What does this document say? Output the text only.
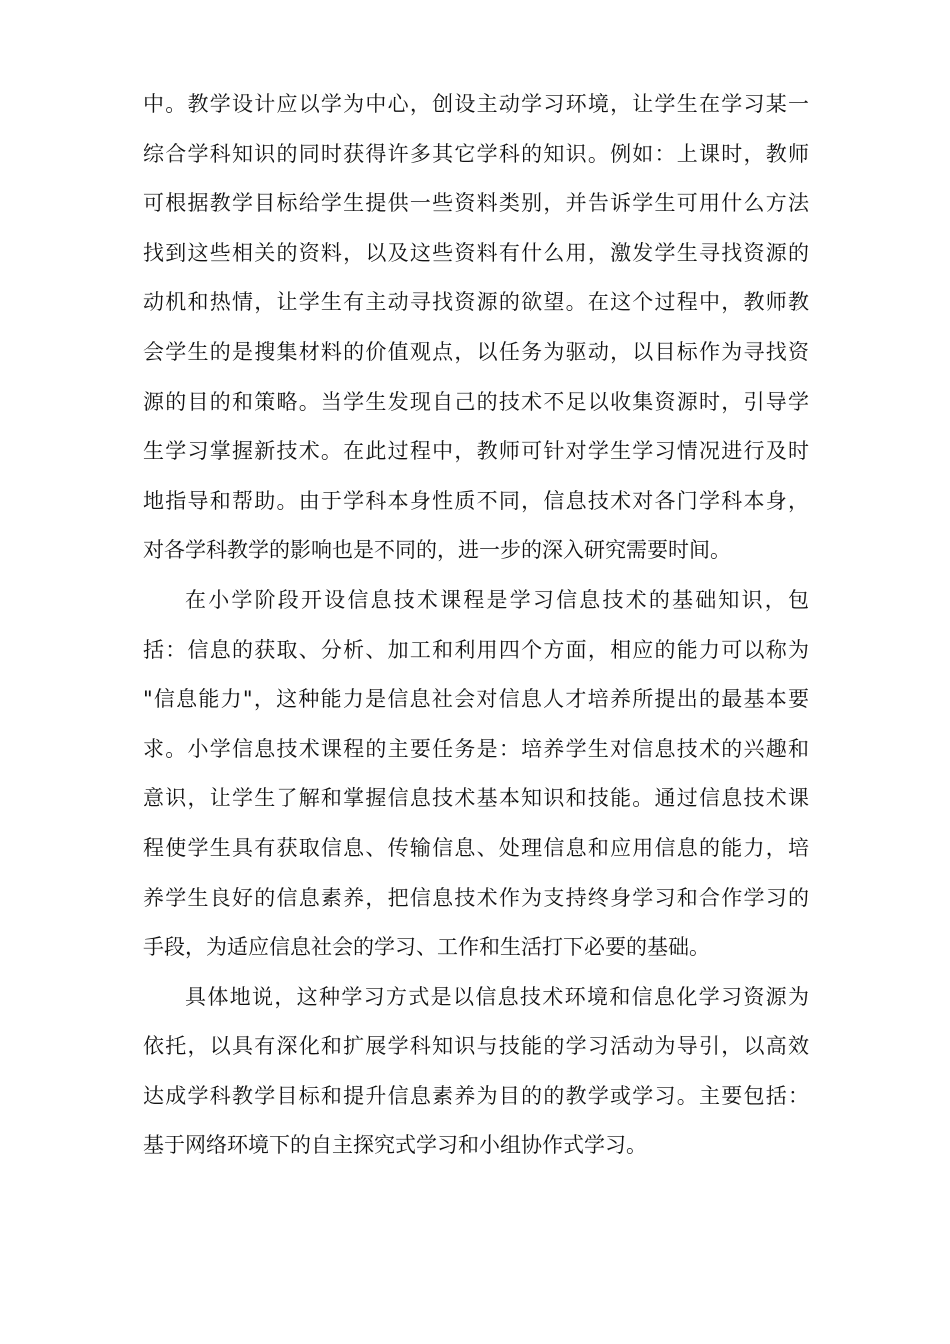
中。教学设计应以学为中心，创设主动学习环境，让学生在学习某一
综合学科知识的同时获得许多其它学科的知识。例如：上课时，教师
可根据教学目标给学生提供一些资料类别，并告诉学生可用什么方法
找到这些相关的资料，以及这些资料有什么用，激发学生寻找资源的
动机和热情，让学生有主动寻找资源的欲望。在这个过程中，教师教
会学生的是搜集材料的价值观点，以任务为驱动，以目标作为寻找资
源的目的和策略。当学生发现自己的技术不足以收集资源时，引导学
生学习掌握新技术。在此过程中，教师可针对学生学习情况进行及时
地指导和帮助。由于学科本身性质不同，信息技术对各门学科本身，
对各学科教学的影响也是不同的，进一步的深入研究需要时间。
在小学阶段开设信息技术课程是学习信息技术的基础知识，包
括：信息的获取、分析、加工和利用四个方面，相应的能力可以称为
"信息能力"，这种能力是信息社会对信息人才培养所提出的最基本要
求。小学信息技术课程的主要任务是：培养学生对信息技术的兴趣和
意识，让学生了解和掌握信息技术基本知识和技能。通过信息技术课
程使学生具有获取信息、传输信息、处理信息和应用信息的能力，培
养学生良好的信息素养，把信息技术作为支持终身学习和合作学习的
手段，为适应信息社会的学习、工作和生活打下必要的基础。
具体地说，这种学习方式是以信息技术环境和信息化学习资源为
依托，以具有深化和扩展学科知识与技能的学习活动为导引，以高效
达成学科教学目标和提升信息素养为目的的教学或学习。主要包括：
基于网络环境下的自主探究式学习和小组协作式学习。
